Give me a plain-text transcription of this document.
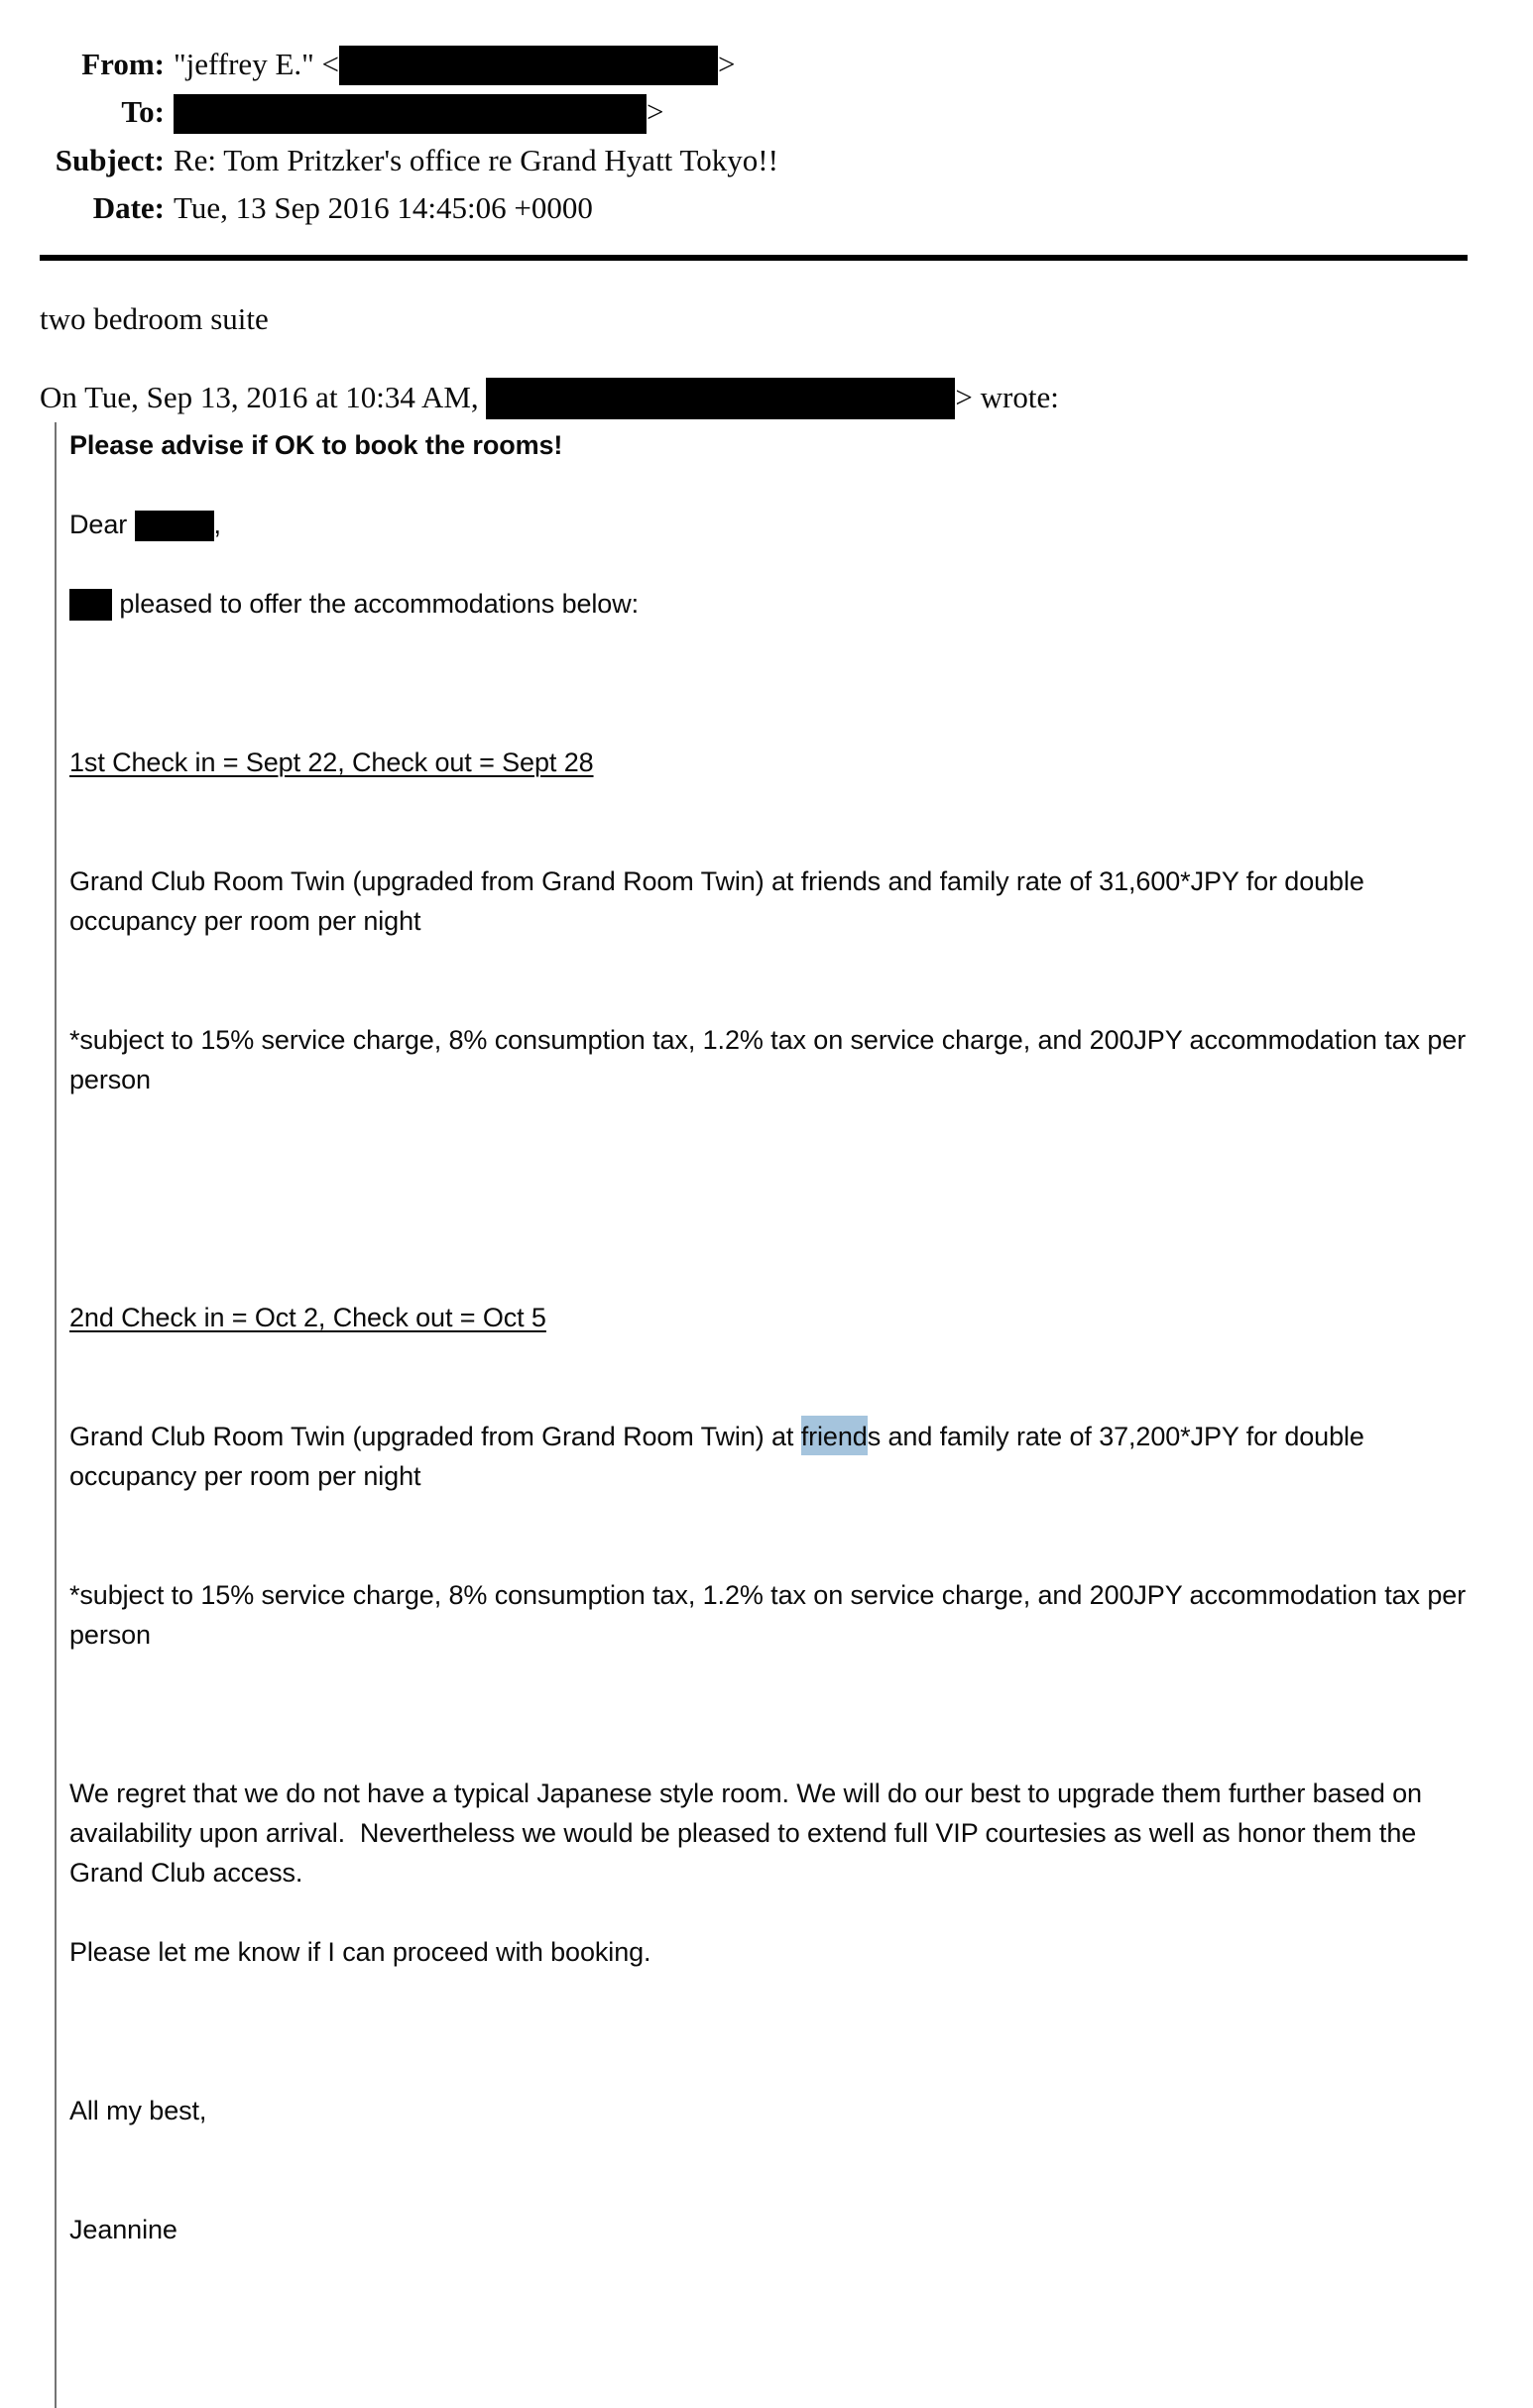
From: "jeffrey E." <	>
To:	>
Subject: Re: Tom Pritzker's office re Grand Hyatt Tokyo!!
Date: Tue, 13 Sep 2016 14:45:06 +0000
two bedroom suite
On Tue, Sep 13, 2016 at 10:34 AM,	> wrote:

Please advise if OK to book the rooms!

Dear	,

pleased to offer the accommodations below:

1st Check in = Sept 22, Check out = Sept 28

Grand Club Room Twin (upgraded from Grand Room Twin) at friends and family rate of 31,600*JPY for double occupancy per room per night

*subject to 15% service charge, 8% consumption tax, 1.2% tax on service charge, and 200JPY accommodation tax per person

2nd Check in = Oct 2, Check out = Oct 5

Grand Club Room Twin (upgraded from Grand Room Twin) at friends and family rate of 37,200*JPY for double occupancy per room per night

*subject to 15% service charge, 8% consumption tax, 1.2% tax on service charge, and 200JPY accommodation tax per person

We regret that we do not have a typical Japanese style room. We will do our best to upgrade them further based on availability upon arrival.  Nevertheless we would be pleased to extend full VIP courtesies as well as honor them the Grand Club access.

Please let me know if I can proceed with booking.

All my best,

Jeannine
